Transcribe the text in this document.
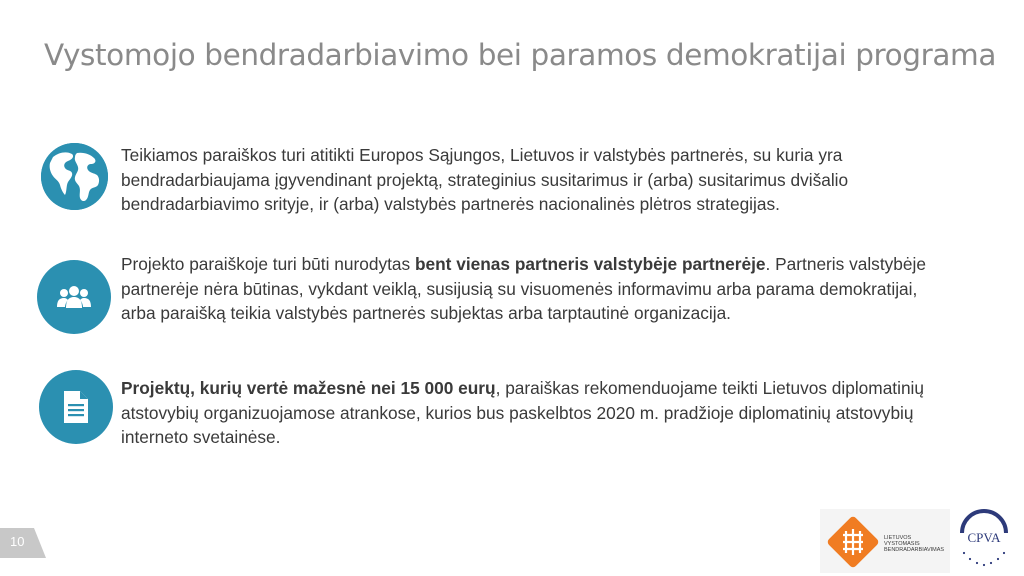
Vystomojo bendradarbiavimo bei paramos demokratijai programa
Teikiamos paraiškos turi atitikti Europos Sąjungos, Lietuvos ir valstybės partnerės, su kuria yra bendradarbiaujama įgyvendinant projektą, strateginius susitarimus ir (arba) susitarimus dvišalio bendradarbiavimo srityje, ir (arba) valstybės partnerės nacionalinės plėtros strategijas.
Projekto paraiškoje turi būti nurodytas bent vienas partneris valstybėje partnerėje. Partneris valstybėje partnerėje nėra būtinas, vykdant veiklą, susijusią su visuomenės informavimu arba parama demokratijai, arba paraišką teikia valstybės partnerės subjektas arba tarptautinė organizacija.
Projektų, kurių vertė mažesnė nei 15 000 eurų, paraiškas rekomenduojame teikti Lietuvos diplomatinių atstovybių organizuojamose atrankose, kurios bus paskelbtos 2020 m. pradžioje diplomatinių atstovybių interneto svetainėse.
10	LIETUVOS
VYSTOMASIS
BENDRADARBIAVIMAS
CPVA
